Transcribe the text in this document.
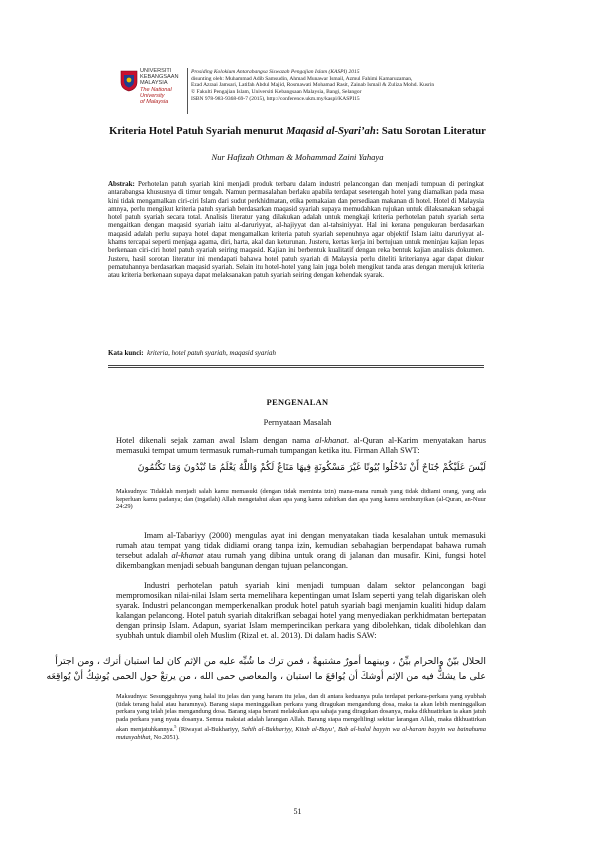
UNIVERSITI
KEBANGSAAN
MALAYSIA
The National University
of Malaysia
Prosiding Kolokium Antarabangsa Siswazah Pengajian Islam (KASPI) 2015
disunting oleh: Muhammad Adib Samsudin, Ahmad Munawar Ismail, Azmul Fahimi Kamaruzaman,
Ezad Azraai Jamsari, Latifah Abdul Majid, Rosmawati Mohamad Rasit, Zainab Ismail & Zuliza Mohd. Kusrin
© Fakulti Pengajian Islam, Universiti Kebangsaan Malaysia, Bangi, Selangor
ISBN 978-983-9368-69-7 (2015), http://conference.ukm.my/kaspi/KASPI15
Kriteria Hotel Patuh Syariah menurut Maqasid al-Syari’ah: Satu Sorotan Literatur
Nur Hafizah Othman & Mohammad Zaini Yahaya
Abstrak: Perhotelan patuh syariah kini menjadi produk terbaru dalam industri pelancongan dan menjadi tumpuan di peringkat antarabangsa khususnya di timur tengah. Namun permasalahan berlaku apabila terdapat sesetengah hotel yang diamalkan pada masa kini tidak mengamalkan ciri-ciri Islam dari sudut perkhidmatan, etika pemakaian dan persediaan makanan di hotel. Hotel di Malaysia amnya, perlu mengikut kriteria patuh syariah berdasarkan maqasid syariah supaya memudahkan rujukan untuk dilaksanakan sebagai hotel patuh syariah secara total. Analisis literatur yang dilakukan adalah untuk mengkaji kriteria perhotelan patuh syariah serta mengaitkan dengan maqasid syariah iaitu al-daruriyyat, al-hajiyyat dan al-tahsiniyyat. Hal ini kerana pengukuran berdasarkan maqasid adalah perlu supaya hotel dapat mengamalkan kriteria patuh syariah sepenuhnya agar objektif Islam iaitu daruriyyat al-khams tercapai seperti menjaga agama, diri, harta, akal dan keturunan. Justeru, kertas kerja ini bertujuan untuk meninjau kajian lepas berkenaan ciri-ciri hotel patuh syariah seiring maqasid. Kajian ini berbentuk kualitatif dengan reka bentuk kajian analisis dokumen. Justeru, hasil sorotan literatur ini mendapati bahawa hotel patuh syariah di Malaysia perlu diteliti kriterianya agar dapat diukur pematuhannya berdasarkan maqasid syariah. Selain itu hotel-hotel yang lain juga boleh mengikut tanda aras dengan merujuk kriteria atau kriteria berkenaan supaya dapat melaksanakan patuh syariah seiring dengan kehendak syarak.
Kata kunci: kriteria, hotel patuh syariah, maqasid syariah
PENGENALAN
Pernyataan Masalah

Hotel dikenali sejak zaman awal Islam dengan nama al-khanat. al-Quran al-Karim menyatakan harus memasuki tempat umum termasuk rumah-rumah tumpangan ketika itu. Firman Allah SWT:

لَيْسَ عَلَيْكُمْ جُنَاحٌ أَنْ تَدْخُلُوا بُيُوتًا غَيْرَ مَسْكُونَةٍ فِيهَا مَتَاعٌ لَكُمْ وَاللَّهُ يَعْلَمُ مَا تُبْدُونَ وَمَا تَكْتُمُونَ
Maksudnya: Tidaklah menjadi salah kamu memasuki (dengan tidak meminta izin) mana-mana rumah yang tidak didiami orang, yang ada keperluan kamu padanya; dan (ingatlah) Allah mengetahui akan apa yang kamu zahirkan dan apa yang kamu sembunyikan (al-Quran, an-Nuur 24:29)

Imam al-Tabariyy (2000) mengulas ayat ini dengan menyatakan tiada kesalahan untuk memasuki rumah atau tempat yang tidak didiami orang tanpa izin, kemudian sebahagian berpendapat bahawa rumah tersebut adalah al-khanat atau rumah yang dibina untuk orang di jalanan dan musafir. Kini, fungsi hotel dikembangkan menjadi sebuah bangunan dengan tujuan pelancongan.

Industri perhotelan patuh syariah kini menjadi tumpuan dalam sektor pelancongan bagi mempromosikan nilai-nilai Islam serta memelihara kepentingan umat Islam seperti yang telah digariskan oleh syarak. Industri pelancongan memperkenalkan produk hotel patuh syariah bagi menjamin kualiti hidup dalam kalangan pelancong. Hotel patuh syariah ditakrifkan sebagai hotel yang menyediakan perkhidmatan bertepatan dengan prinsip Islam. Adapun, syariat Islam memperincikan perkara yang dibolehkan, tidak dibolehkan dan syubhah untuk diambil oleh Muslim (Rizal et. al. 2013). Di dalam hadis SAW:

الحلال بيّنٌ والحرام بيِّنٌ ، وبينهما أمورٌ مشتبهةٌ ، فمن ترك ما شُبِّه عليه من الإثم كان لما استبان أترك ، ومن اجترأ
على ما يشكُّ فيه من الإثم أوشكَ أن يُواقعَ ما استبان ، والمعاصي حمى الله ، من يرتعْ حول الحمى يُوشِكُ أنْ يُواقِعَه
Maksudnya: Sesungguhnya yang halal itu jelas dan yang haram itu jelas, dan di antara keduanya pula terdapat perkara-perkara yang syubhah (tidak terang halal atau haramnya). Barang siapa meninggalkan perkara yang diragukan mengandung dosa, maka ia akan lebih meninggalkan perkara yang telah jelas mengandung dosa. Barang siapa berani melakukan apa sahaja yang diragukan dosanya, maka dikhuatirkan ia akan jatuh pada perkara yang nyata dosanya. Semua maksiat adalah larangan Allah. Barang siapa mengelilingi sekitar larangan Allah, maka dikhuatirkan akan menjatuhkannya.$^5$ (Riwayat al-Bukhariyy, Sahih al-Bukhariyy, Kitab al-Buyu’, Bab al-halal bayyin wa al-haram bayyin wa bainahuma mutasyabihat, No.2051).
51
